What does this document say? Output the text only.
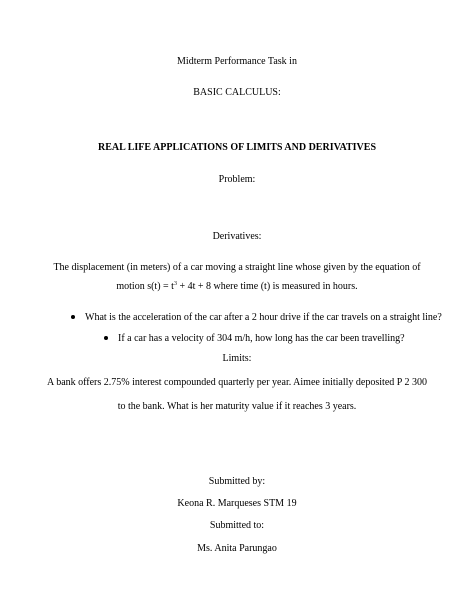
Midterm Performance Task in
BASIC CALCULUS:
REAL LIFE APPLICATIONS OF LIMITS AND DERIVATIVES
Problem:
Derivatives:
The displacement (in meters) of a car moving a straight line whose given by the equation of
motion $s(t) = t^3 + 4t + 8$ where time (t) is measured in hours.
What is the acceleration of the car after a 2 hour drive if the car travels on a straight line?
If a car has a velocity of 304 m/h, how long has the car been travelling?
Limits:
A bank offers 2.75% interest compounded quarterly per year. Aimee initially deposited P 2 300
to the bank. What is her maturity value if it reaches 3 years.
Submitted by:
Keona R. Marqueses STM 19
Submitted to:
Ms. Anita Parungao
